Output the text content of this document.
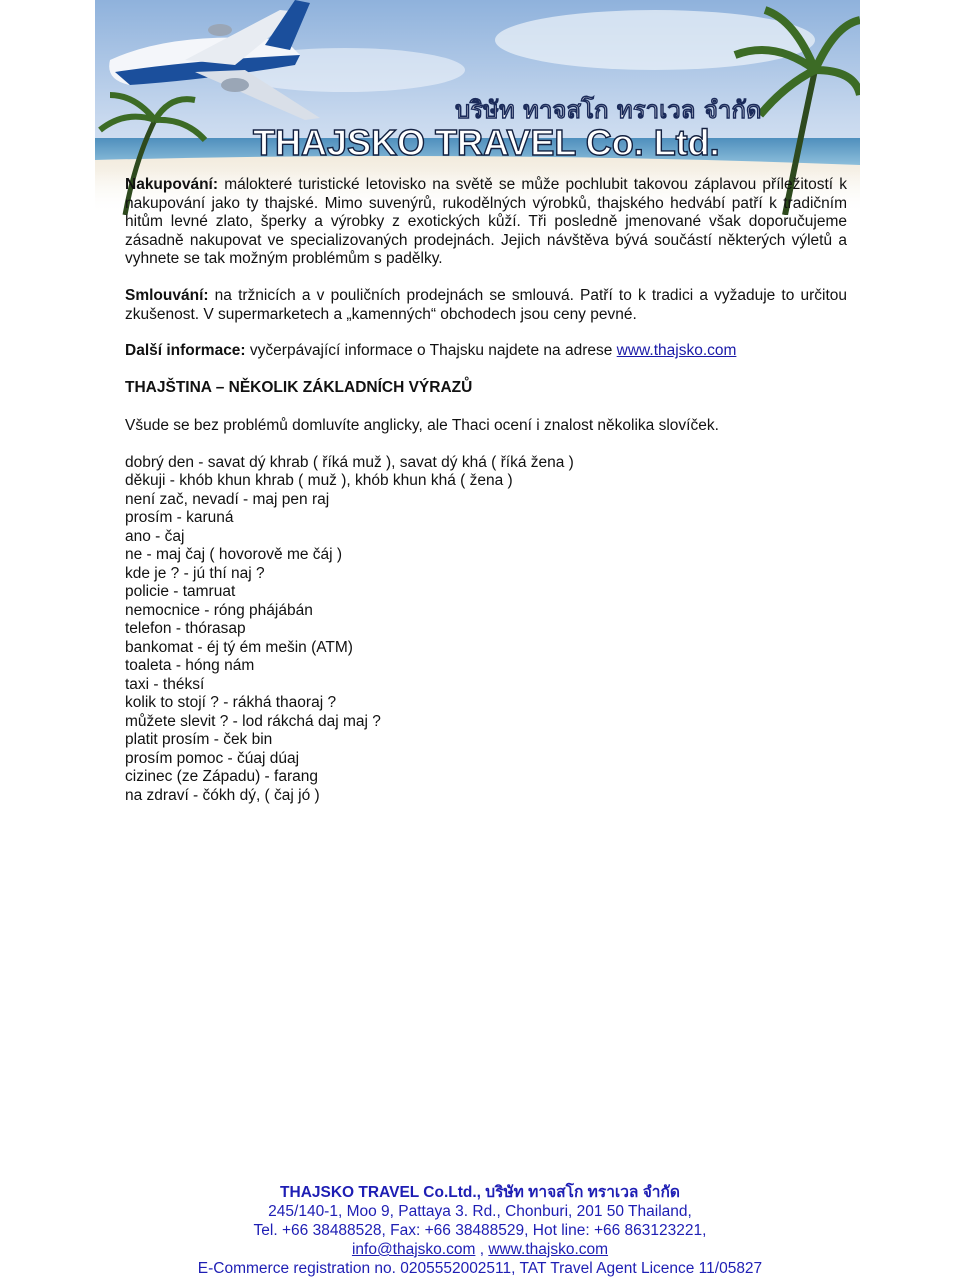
บริษัท ทาจสโก ทราเวล จำกัด
THAJSKO TRAVEL Co. Ltd.

Nakupování: málokteré turistické letovisko na světě se může pochlubit takovou záplavou příležitostí k nakupování jako ty thajské. Mimo suvenýrů, rukodělných výrobků, thajského hedvábí patří k tradičním hitům levné zlato, šperky a výrobky z exotických kůží. Tři posledně jmenované však doporučujeme zásadně nakupovat ve specializovaných prodejnách. Jejich návštěva bývá součástí některých výletů a vyhnete se tak možným problémům s padělky.

Smlouvání: na tržnicích a v pouličních prodejnách se smlouvá. Patří to k tradici a vyžaduje to určitou zkušenost. V supermarketech a „kamenných“ obchodech jsou ceny pevné.

Další informace: vyčerpávající informace o Thajsku najdete na adrese www.thajsko.com

THAJŠTINA – NĚKOLIK ZÁKLADNÍCH VÝRAZŮ

Všude se bez problémů domluvíte anglicky, ale Thaci ocení i znalost několika slovíček.

dobrý den - savat dý khrab ( říká muž ), savat dý khá ( říká žena )
děkuji - khób khun khrab ( muž ), khób khun khá ( žena )
není zač, nevadí - maj pen raj
prosím - karuná
ano - čaj
ne - maj čaj ( hovorově me čáj )
kde je ? - jú thí naj ?
policie - tamruat
nemocnice - róng phájábán
telefon - thórasap
bankomat - éj tý ém mešin (ATM)
toaleta - hóng nám
taxi - théksí
kolik to stojí ? - rákhá thaoraj ?
můžete slevit ? - lod rákchá daj maj ?
platit prosím - ček bin
prosím pomoc - čúaj dúaj
cizinec (ze Západu) - farang
na zdraví - čókh dý, ( čaj jó )
THAJSKO TRAVEL Co.Ltd., บริษัท ทาจสโก ทราเวล จำกัด
245/140-1, Moo 9, Pattaya 3. Rd., Chonburi, 201 50 Thailand,
Tel. +66 38488528, Fax: +66 38488529, Hot line: +66 863123221,
info@thajsko.com , www.thajsko.com
E-Commerce registration no. 0205552002511, TAT Travel Agent Licence 11/05827
